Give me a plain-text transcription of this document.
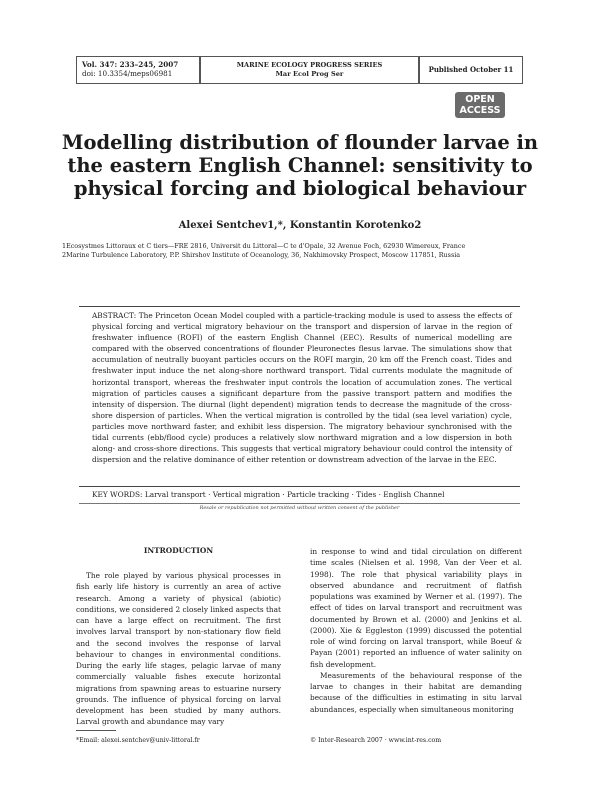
Vol. 347: 233–245, 2007
doi: 10.3354/meps06981
MARINE ECOLOGY PROGRESS SERIES
Mar Ecol Prog Ser	Published October 11
OPEN
ACCESS
Modelling distribution of flounder larvae in the eastern English Channel: sensitivity to physical forcing and biological behaviour
Alexei Sentchev1,*, Konstantin Korotenko2
1Ecosystmes Littoraux et C tiers—FRE 2816, Universit du Littoral—C te d'Opale, 32 Avenue Foch, 62930 Wimereux, France
2Marine Turbulence Laboratory, P.P. Shirshov Institute of Oceanology, 36, Nakhimovsky Prospect, Moscow 117851, Russia
ABSTRACT: The Princeton Ocean Model coupled with a particle-tracking module is used to assess the effects of physical forcing and vertical migratory behaviour on the transport and dispersion of larvae in the region of freshwater influence (ROFI) of the eastern English Channel (EEC). Results of numerical modelling are compared with the observed concentrations of flounder Pleuronectes flesus larvae. The simulations show that accumulation of neutrally buoyant particles occurs on the ROFI margin, 20 km off the French coast. Tides and freshwater input induce the net along-shore northward transport. Tidal currents modulate the magnitude of horizontal transport, whereas the freshwater input controls the location of accumulation zones. The vertical migration of particles causes a significant departure from the passive transport pattern and modifies the intensity of dispersion. The diurnal (light dependent) migration tends to decrease the magnitude of the cross-shore dispersion of particles. When the vertical migration is controlled by the tidal (sea level variation) cycle, particles move northward faster, and exhibit less dispersion. The migratory behaviour synchronised with the tidal currents (ebb/flood cycle) produces a relatively slow northward migration and a low dispersion in both along- and cross-shore directions. This suggests that vertical migratory behaviour could control the intensity of dispersion and the relative dominance of either retention or downstream advection of the larvae in the EEC.
KEY WORDS: Larval transport · Vertical migration · Particle tracking · Tides · English Channel
Resale or republication not permitted without written consent of the publisher
INTRODUCTION
The role played by various physical processes in fish early life history is currently an area of active research. Among a variety of physical (abiotic) conditions, we considered 2 closely linked aspects that can have a large effect on recruitment. The first involves larval transport by non-stationary flow field and the second involves the response of larval behaviour to changes in environmental conditions. During the early life stages, pelagic larvae of many commercially valuable fishes execute horizontal migrations from spawning areas to estuarine nursery grounds. The influence of physical forcing on larval development has been studied by many authors. Larval growth and abundance may vary
in response to wind and tidal circulation on different time scales (Nielsen et al. 1998, Van der Veer et al. 1998). The role that physical variability plays in observed abundance and recruitment of flatfish populations was examined by Werner et al. (1997). The effect of tides on larval transport and recruitment was documented by Brown et al. (2000) and Jenkins et al. (2000). Xie & Eggleston (1999) discussed the potential role of wind forcing on larval transport, while Boeuf & Payan (2001) reported an influence of water salinity on fish development.
Measurements of the behavioural response of the larvae to changes in their habitat are demanding because of the difficulties in estimating in situ larval abundances, especially when simultaneous monitoring
*Email: alexei.sentchev@univ-littoral.fr	© Inter-Research 2007 · www.int-res.com
